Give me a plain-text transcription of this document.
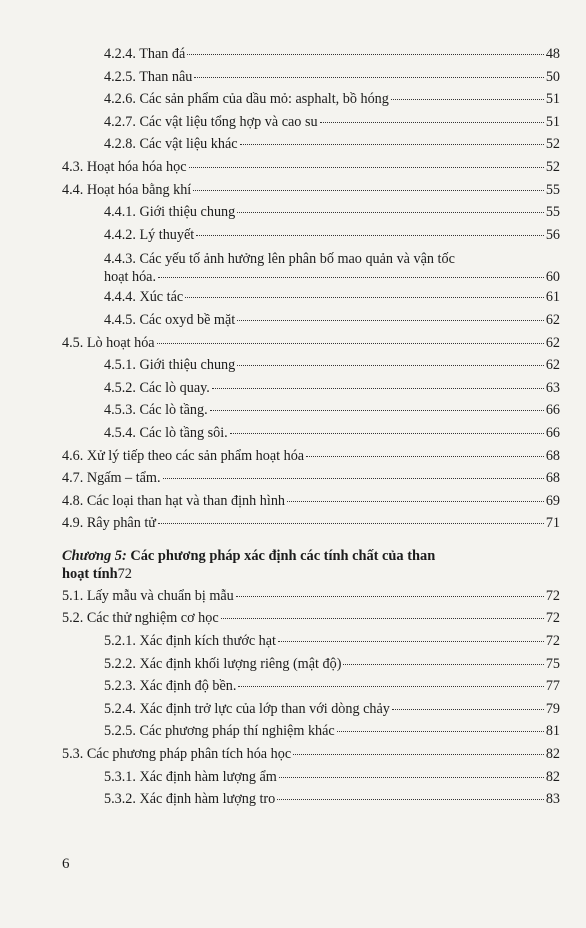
4.2.4. Than đá	48
4.2.5. Than nâu	50
4.2.6. Các sản phẩm của dầu mỏ: asphalt, bồ hóng	51
4.2.7. Các vật liệu tổng hợp và cao su	51
4.2.8. Các vật liệu khác	52
4.3. Hoạt hóa hóa học	52
4.4. Hoạt hóa bằng khí	55
4.4.1. Giới thiệu chung	55
4.4.2. Lý thuyết	56
4.4.3. Các yếu tố ảnh hưởng lên phân bố mao quản và vận tốc
hoạt hóa.	60
4.4.4. Xúc tác	61
4.4.5. Các oxyd bề mặt	62
4.5. Lò hoạt hóa	62
4.5.1. Giới thiệu chung	62
4.5.2. Các lò quay.	63
4.5.3. Các lò tầng.	66
4.5.4. Các lò tầng sôi.	66
4.6. Xử lý tiếp theo các sản phẩm hoạt hóa	68
4.7. Ngấm – tẩm.	68
4.8. Các loại than hạt và than định hình	69
4.9. Rây phân tử	71
Chương 5: Các phương pháp xác định các tính chất của than
hoạt tính 72
5.1. Lấy mẫu và chuẩn bị mẫu	72
5.2. Các thử nghiệm cơ học	72
5.2.1. Xác định kích thước hạt	72
5.2.2. Xác định khối lượng riêng (mật độ)	75
5.2.3. Xác định độ bền.	77
5.2.4. Xác định trở lực của lớp than với dòng chảy	79
5.2.5. Các phương pháp thí nghiệm khác	81
5.3. Các phương pháp phân tích hóa học	82
5.3.1. Xác định hàm lượng ẩm	82
5.3.2. Xác định hàm lượng tro	83
6
